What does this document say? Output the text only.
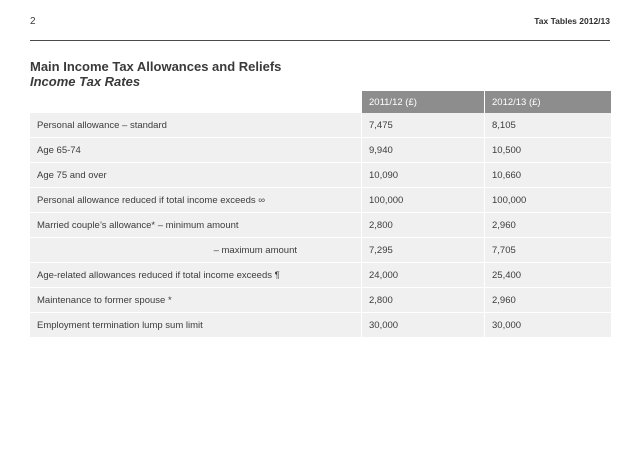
2	Tax Tables 2012/13
Main Income Tax Allowances and Reliefs
Income Tax Rates
	2011/12 (£)	2012/13 (£)
Personal allowance – standard	7,475	8,105
Age 65-74	9,940	10,500
Age 75 and over	10,090	10,660
Personal allowance reduced if total income exceeds ∞	100,000	100,000
Married couple’s allowance* – minimum amount	2,800	2,960
– maximum amount	7,295	7,705
Age-related allowances reduced if total income exceeds ¶	24,000	25,400
Maintenance to former spouse *	2,800	2,960
Employment termination lump sum limit	30,000	30,000
